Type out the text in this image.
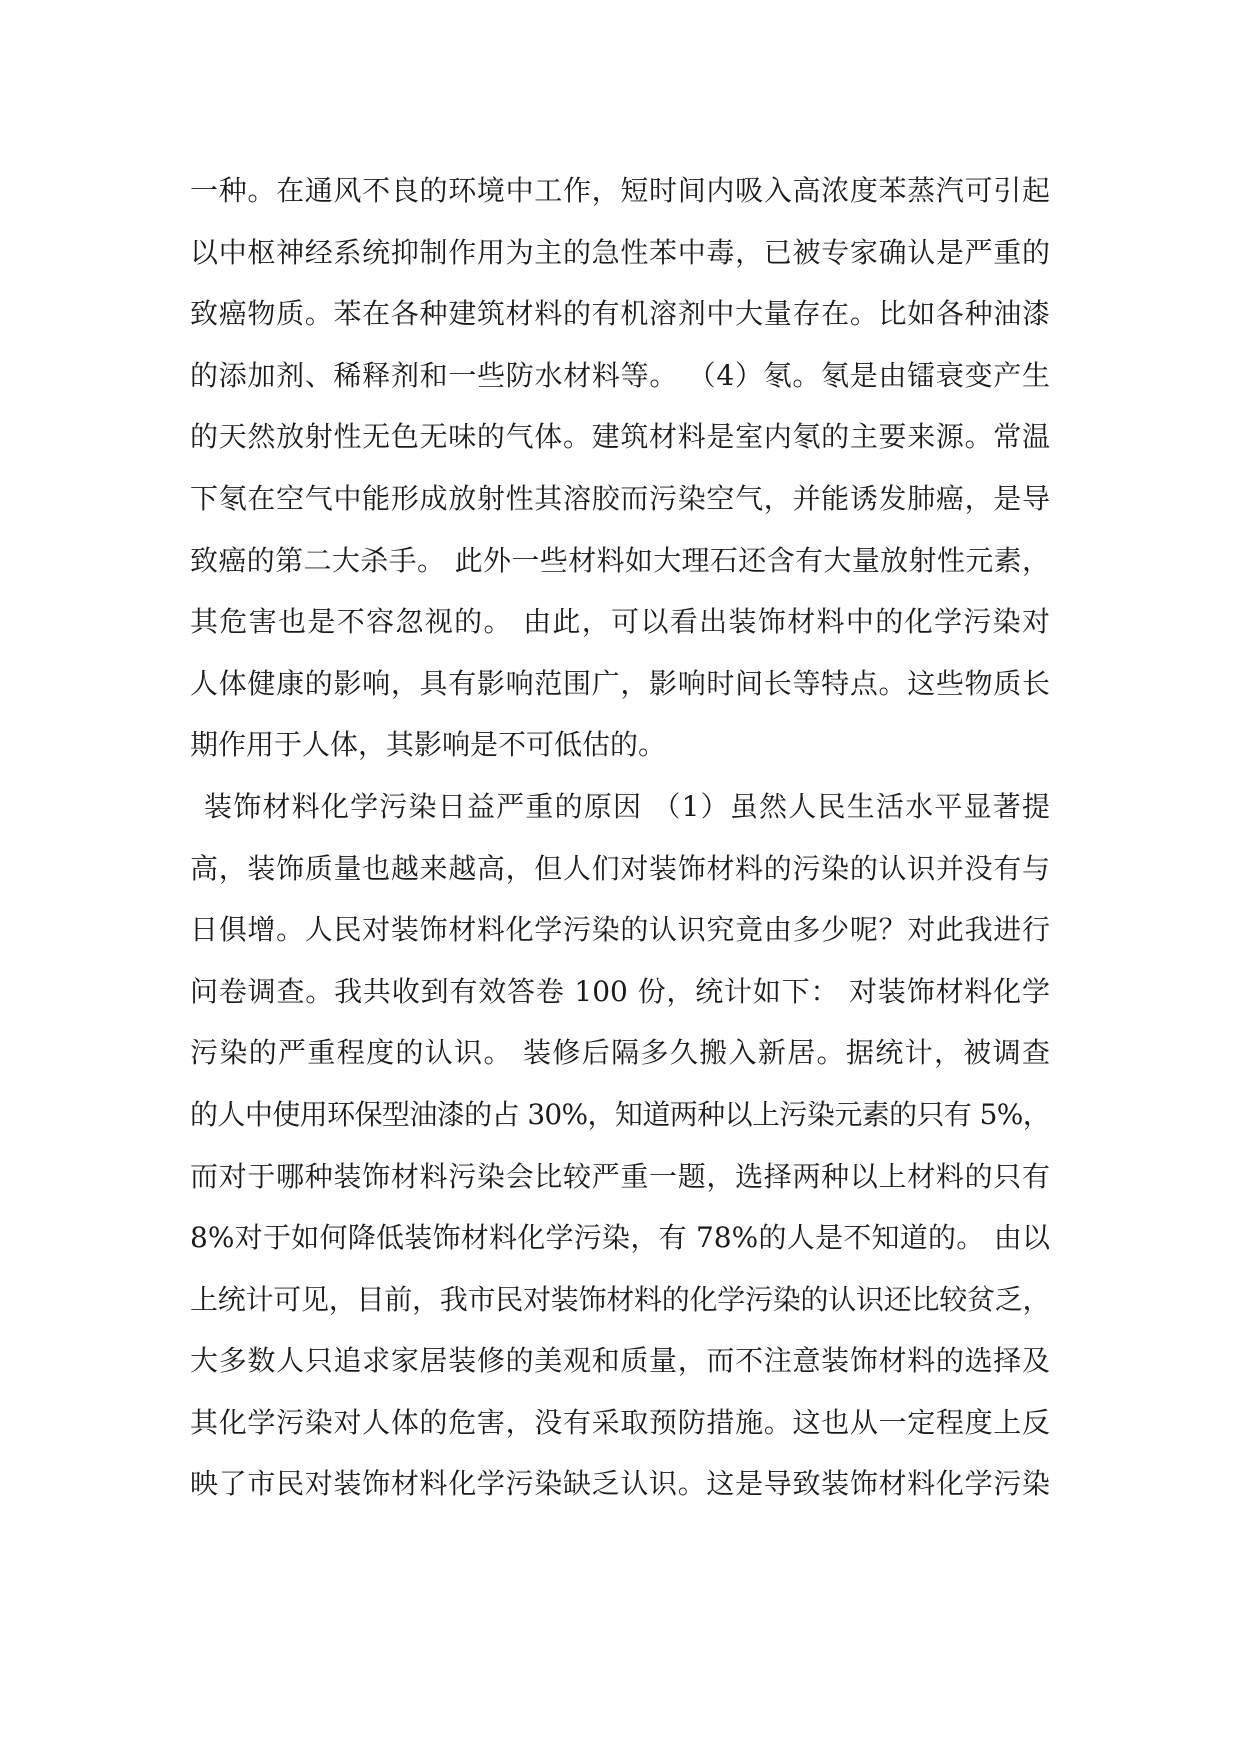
一种。在通风不良的环境中工作，短时间内吸入高浓度苯蒸汽可引起
以中枢神经系统抑制作用为主的急性苯中毒，已被专家确认是严重的
致癌物质。苯在各种建筑材料的有机溶剂中大量存在。比如各种油漆
的添加剂、稀释剂和一些防水材料等。 （4）氡。氡是由镭衰变产生
的天然放射性无色无味的气体。建筑材料是室内氡的主要来源。常温
下氡在空气中能形成放射性其溶胶而污染空气，并能诱发肺癌，是导
致癌的第二大杀手。 此外一些材料如大理石还含有大量放射性元素，
其危害也是不容忽视的。 由此，可以看出装饰材料中的化学污染对
人体健康的影响，具有影响范围广，影响时间长等特点。这些物质长
期作用于人体，其影响是不可低估的。
装饰材料化学污染日益严重的原因 （1）虽然人民生活水平显著提
高，装饰质量也越来越高，但人们对装饰材料的污染的认识并没有与
日俱增。人民对装饰材料化学污染的认识究竟由多少呢？对此我进行
问卷调查。我共收到有效答卷 100 份，统计如下： 对装饰材料化学
污染的严重程度的认识。 装修后隔多久搬入新居。据统计，被调查
的人中使用环保型油漆的占 30%，知道两种以上污染元素的只有 5%，
而对于哪种装饰材料污染会比较严重一题，选择两种以上材料的只有
8%对于如何降低装饰材料化学污染，有 78%的人是不知道的。 由以
上统计可见，目前，我市民对装饰材料的化学污染的认识还比较贫乏，
大多数人只追求家居装修的美观和质量，而不注意装饰材料的选择及
其化学污染对人体的危害，没有采取预防措施。这也从一定程度上反
映了市民对装饰材料化学污染缺乏认识。这是导致装饰材料化学污染
